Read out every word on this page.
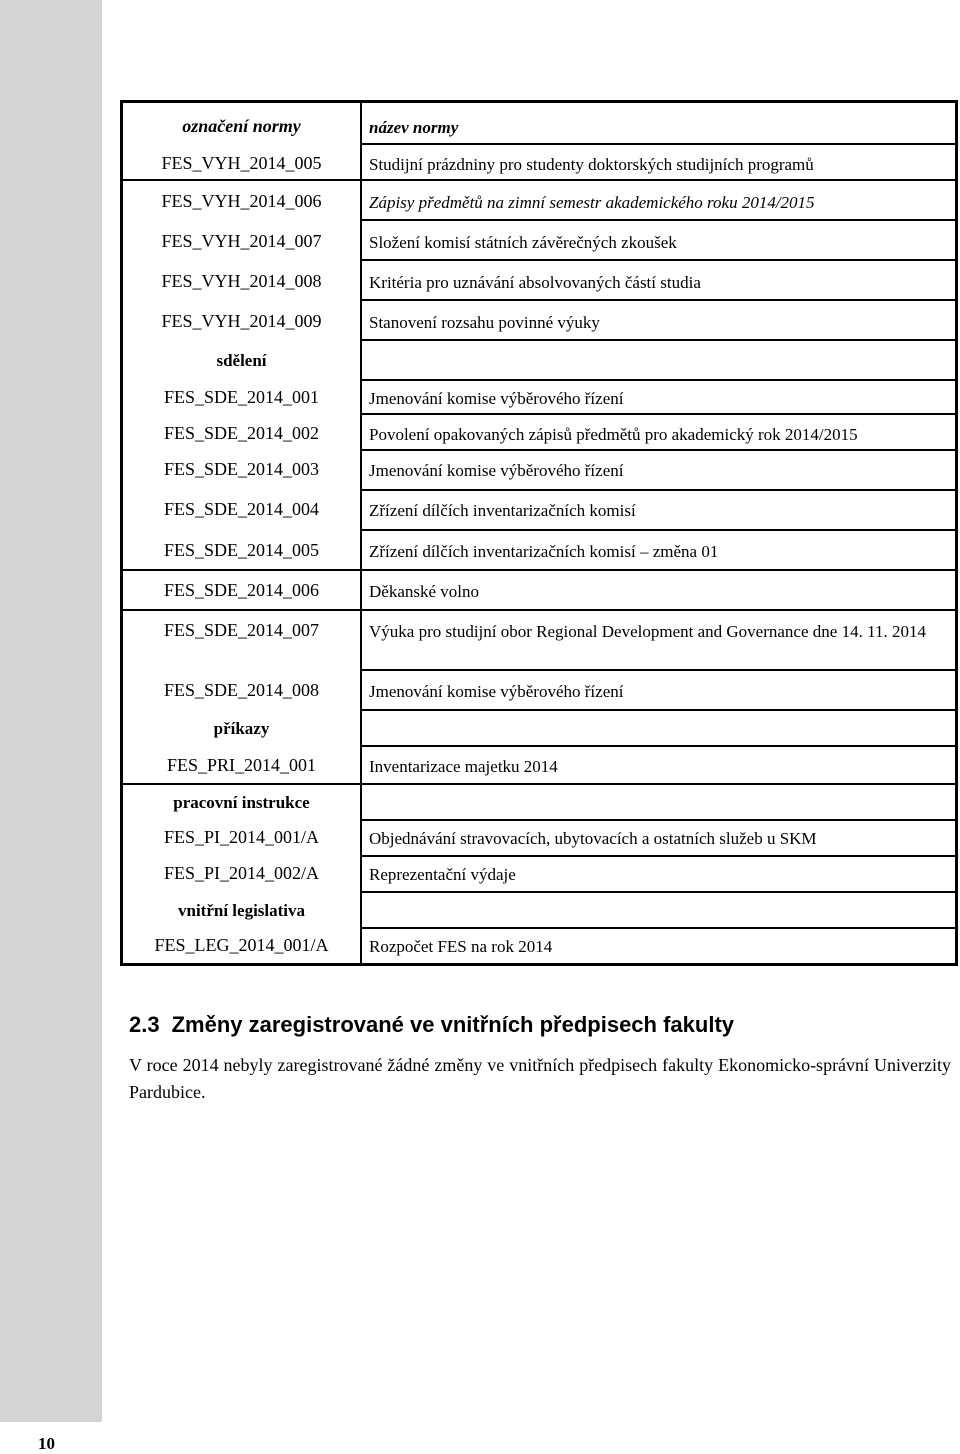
označení normy	název normy
FES_VYH_2014_005	Studijní prázdniny pro studenty doktorských studijních programů
FES_VYH_2014_006	Zápisy předmětů na zimní semestr akademického roku 2014/2015
FES_VYH_2014_007	Složení komisí státních závěrečných zkoušek
FES_VYH_2014_008	Kritéria pro uznávání absolvovaných částí studia
FES_VYH_2014_009	Stanovení rozsahu povinné výuky
sdělení
FES_SDE_2014_001	Jmenování komise výběrového řízení
FES_SDE_2014_002	Povolení opakovaných zápisů předmětů pro akademický rok 2014/2015
FES_SDE_2014_003	Jmenování komise výběrového řízení
FES_SDE_2014_004	Zřízení dílčích inventarizačních komisí
FES_SDE_2014_005	Zřízení dílčích inventarizačních komisí – změna 01
FES_SDE_2014_006	Děkanské volno
FES_SDE_2014_007	Výuka pro studijní obor Regional Development and Governance dne 14. 11. 2014
FES_SDE_2014_008	Jmenování komise výběrového řízení
příkazy
FES_PRI_2014_001	Inventarizace majetku 2014
pracovní instrukce
FES_PI_2014_001/A	Objednávání stravovacích, ubytovacích a ostatních služeb u SKM
FES_PI_2014_002/A	Reprezentační výdaje
vnitřní legislativa
FES_LEG_2014_001/A	Rozpočet FES na rok 2014
2.3 Změny zaregistrované ve vnitřních předpisech fakulty
V roce 2014 nebyly zaregistrované žádné změny ve vnitřních předpisech fakulty Ekonomicko-správní Univerzity Pardubice.
10
